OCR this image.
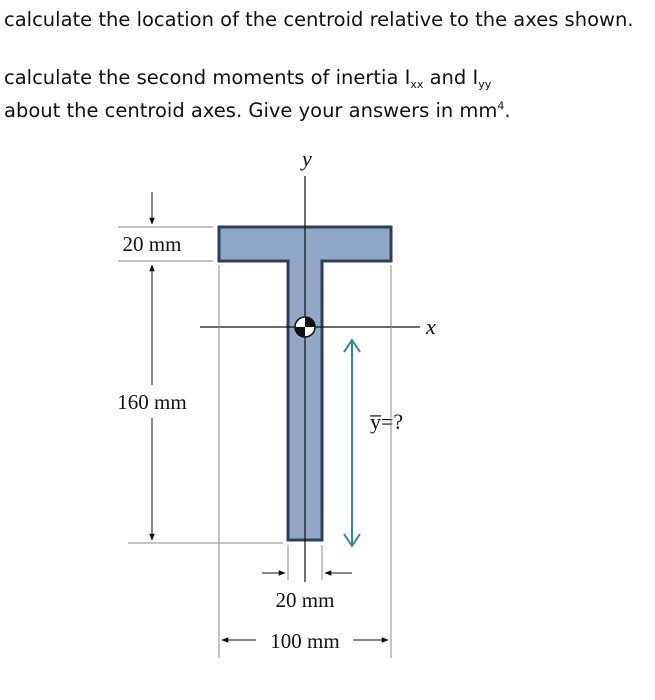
calculate the location of the centroid relative to the axes shown.
calculate the second moments of inertia $I_{xx}$ and $I_{yy}$
about the centroid axes. Give your answers in $mm^4$.
y
x
20 mm
160 mm
y̅=?
20 mm
100 mm
